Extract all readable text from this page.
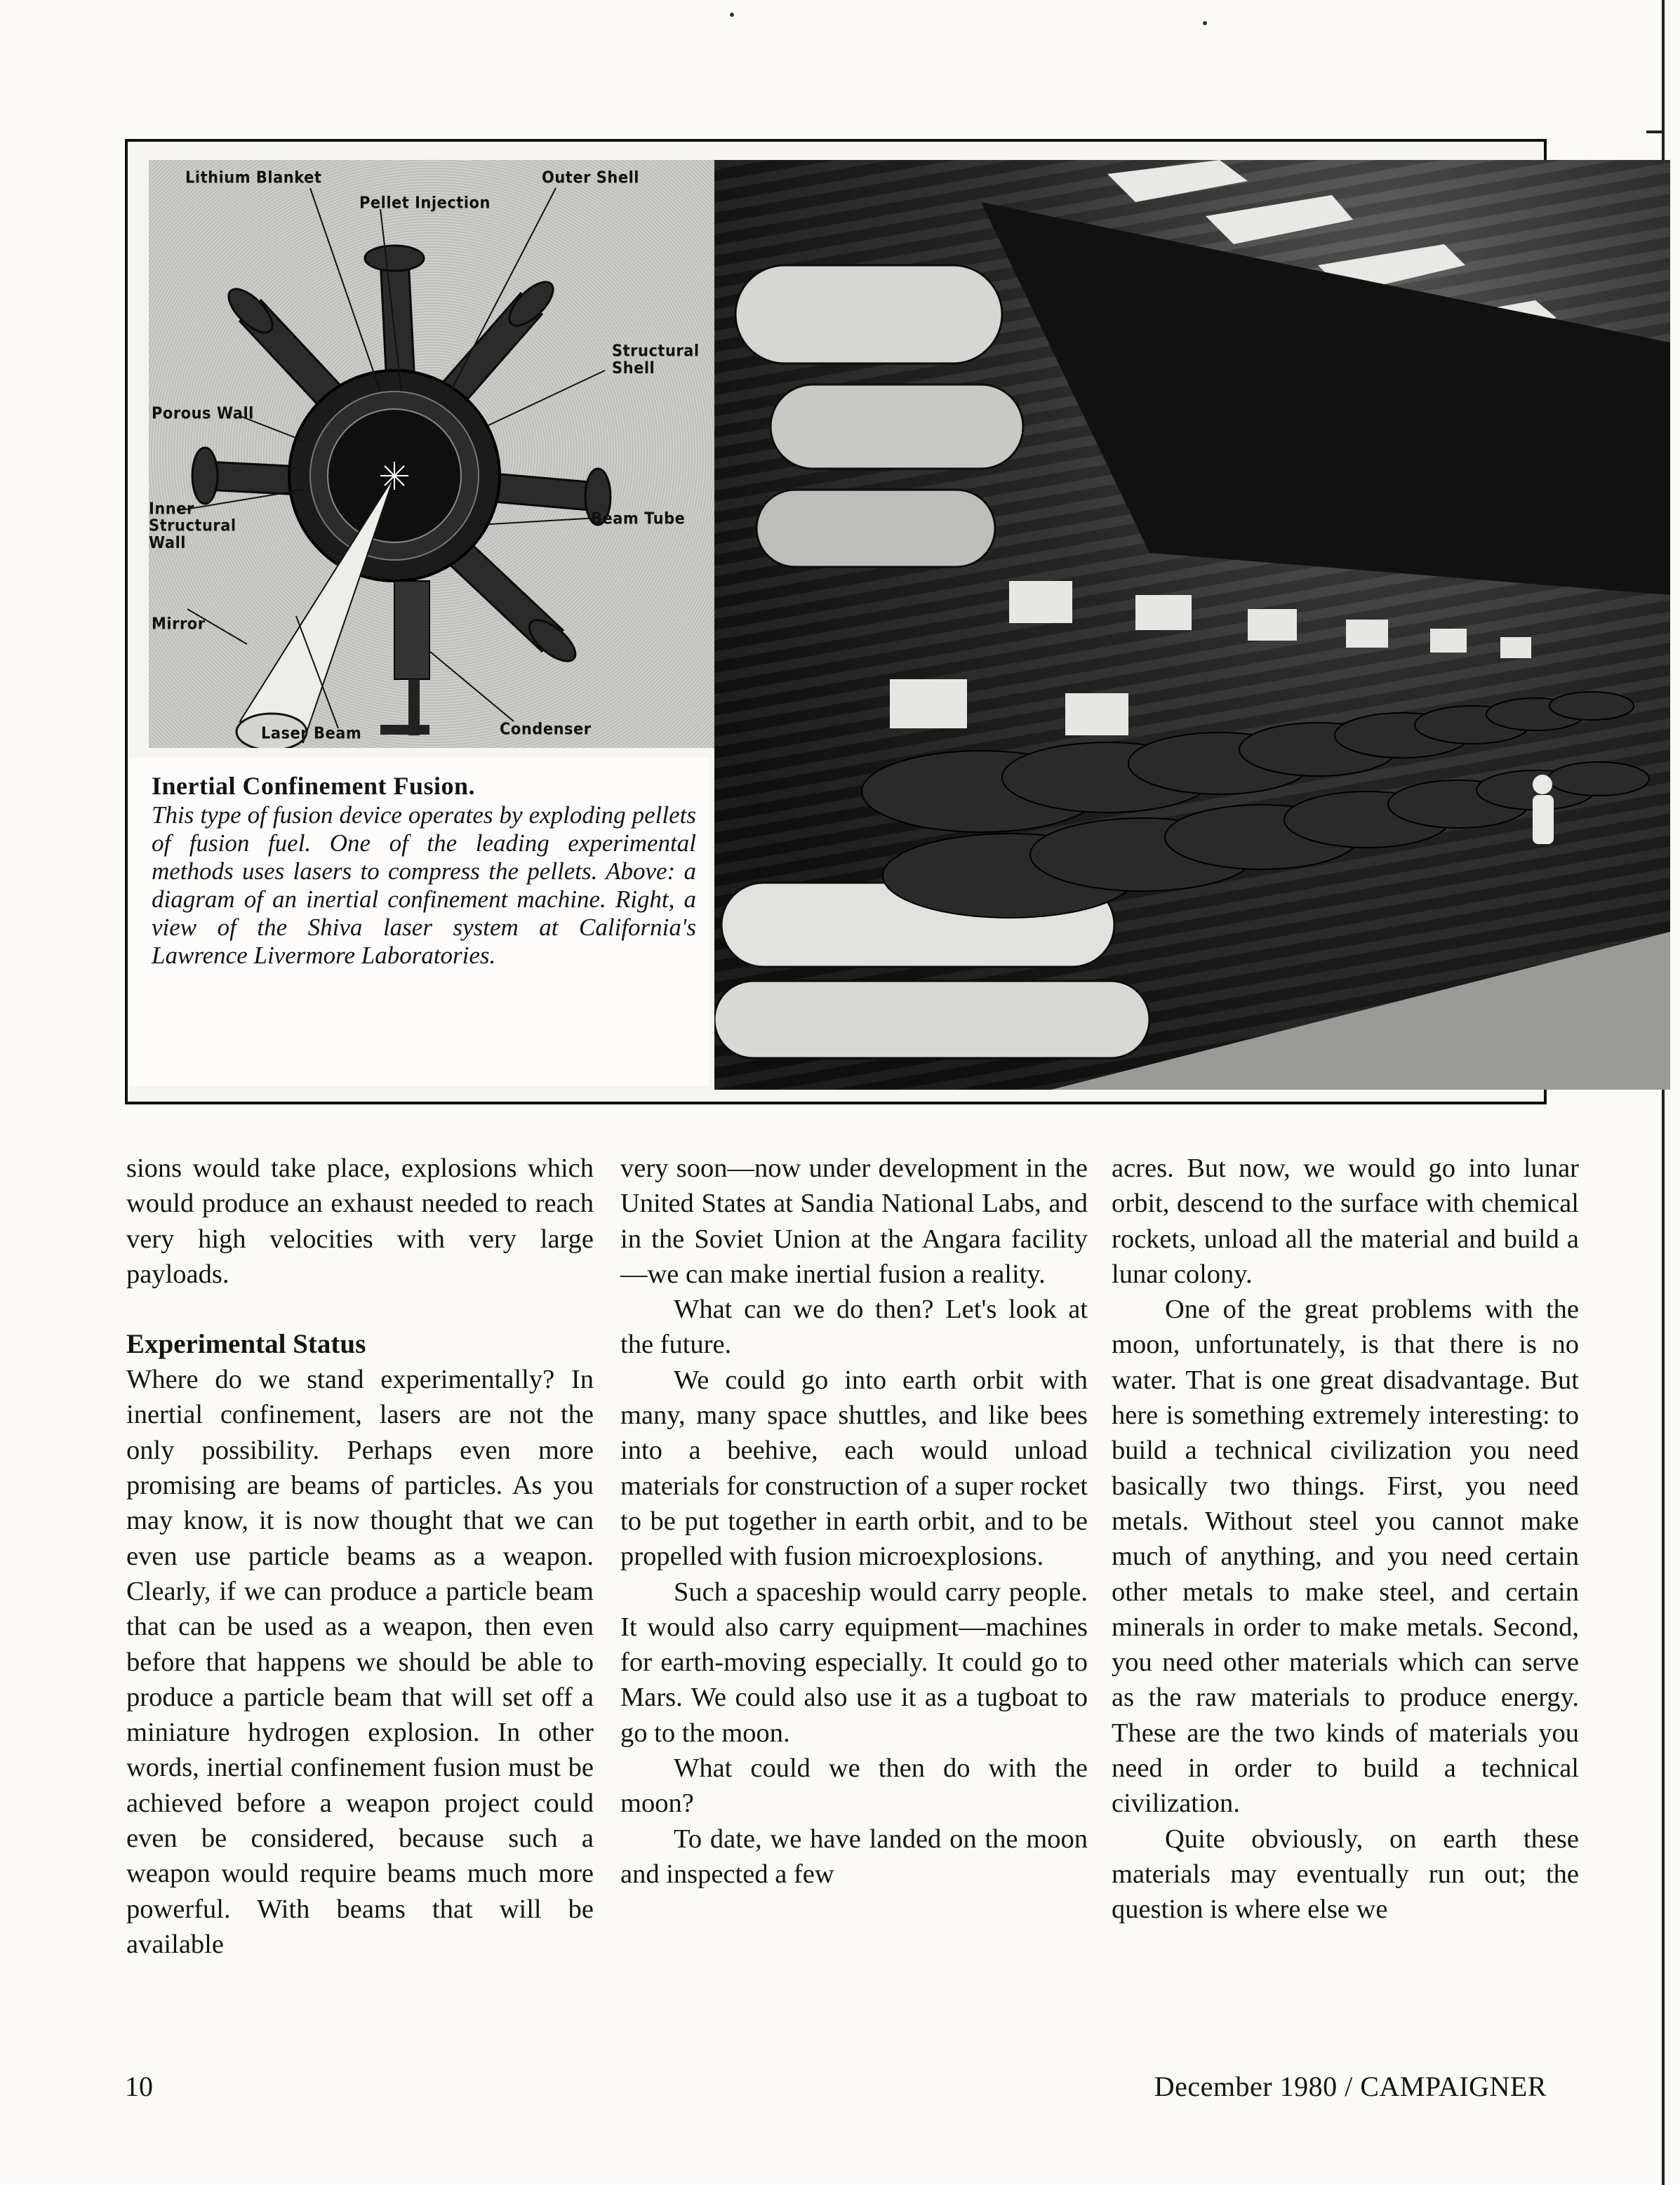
Lithium Blanket
Pellet Injection
Outer Shell
Structural Shell
Porous Wall
Inner Structural Wall
Beam Tube
Mirror
Laser Beam	Condenser
Inertial Confinement Fusion.
This type of fusion device operates by exploding pellets of fusion fuel. One of the leading experimental methods uses lasers to compress the pellets. Above: a diagram of an inertial confinement machine. Right, a view of the Shiva laser system at California's Lawrence Livermore Laboratories.

sions would take place, explosions which would produce an exhaust needed to reach very high velocities with very large payloads.

Experimental Status

Where do we stand experimentally? In inertial confinement, lasers are not the only possibility. Perhaps even more promising are beams of particles. As you may know, it is now thought that we can even use particle beams as a weapon. Clearly, if we can produce a particle beam that can be used as a weapon, then even before that happens we should be able to produce a particle beam that will set off a miniature hydrogen explosion. In other words, inertial confinement fusion must be achieved before a weapon project could even be considered, because such a weapon would require beams much more powerful. With beams that will be available

very soon—now under development in the United States at Sandia National Labs, and in the Soviet Union at the Angara facility—we can make inertial fusion a reality.

What can we do then? Let's look at the future.

We could go into earth orbit with many, many space shuttles, and like bees into a beehive, each would unload materials for construction of a super rocket to be put together in earth orbit, and to be propelled with fusion microexplosions.

Such a spaceship would carry people. It would also carry equipment—machines for earth-moving especially. It could go to Mars. We could also use it as a tugboat to go to the moon.

What could we then do with the moon?

To date, we have landed on the moon and inspected a few

acres. But now, we would go into lunar orbit, descend to the surface with chemical rockets, unload all the material and build a lunar colony.

One of the great problems with the moon, unfortunately, is that there is no water. That is one great disadvantage. But here is something extremely interesting: to build a technical civilization you need basically two things. First, you need metals. Without steel you cannot make much of anything, and you need certain other metals to make steel, and certain minerals in order to make metals. Second, you need other materials which can serve as the raw materials to produce energy. These are the two kinds of materials you need in order to build a technical civilization.

Quite obviously, on earth these materials may eventually run out; the question is where else we

10	December 1980 / CAMPAIGNER
